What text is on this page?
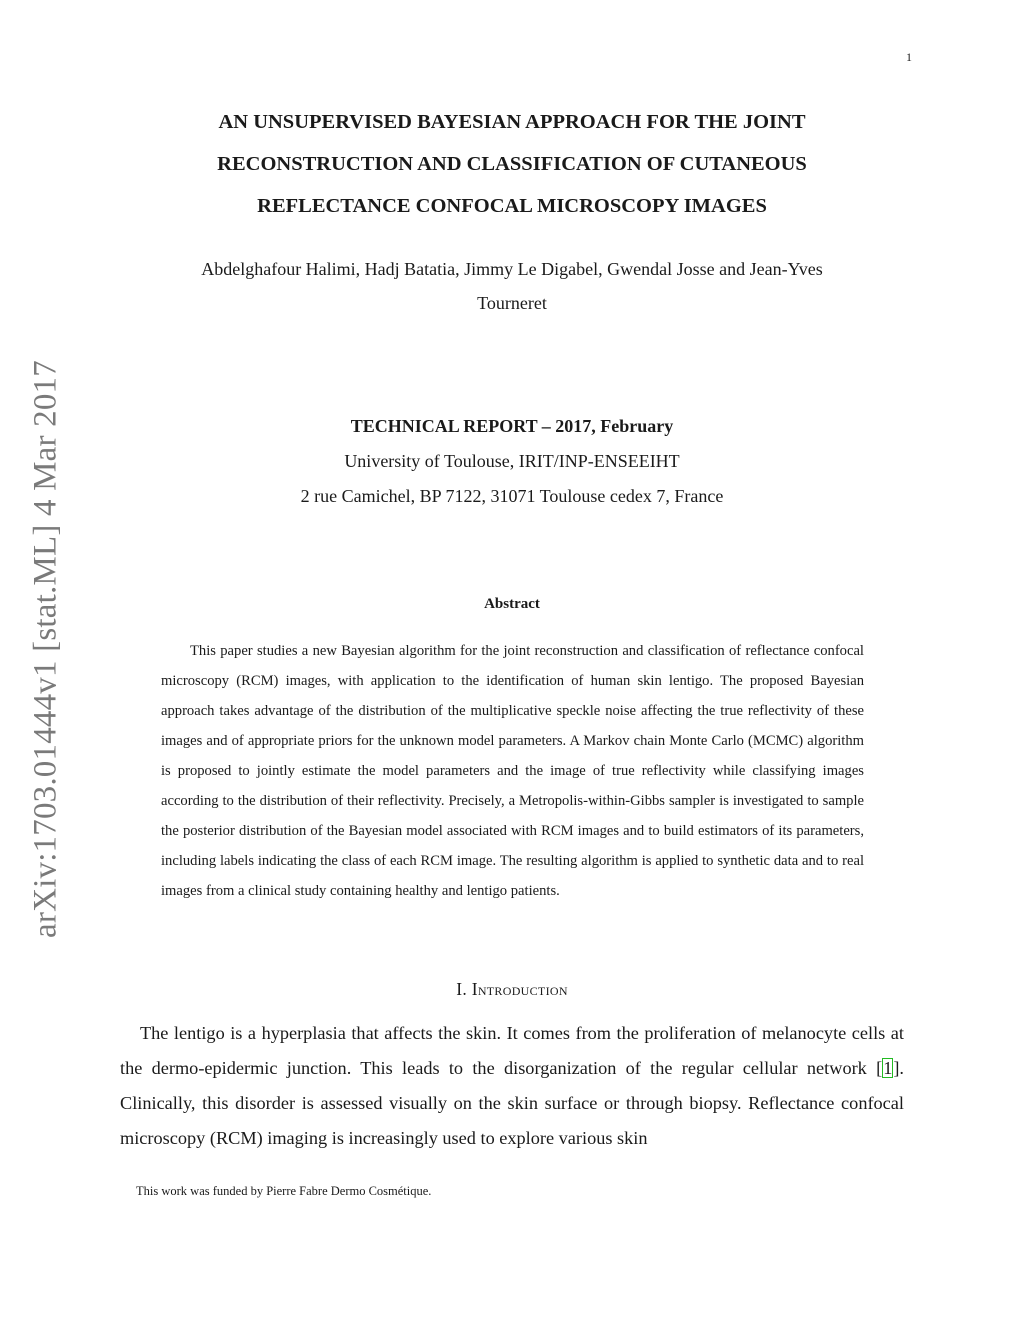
1
arXiv:1703.01444v1 [stat.ML] 4 Mar 2017
AN UNSUPERVISED BAYESIAN APPROACH FOR THE JOINT
RECONSTRUCTION AND CLASSIFICATION OF CUTANEOUS
REFLECTANCE CONFOCAL MICROSCOPY IMAGES
Abdelghafour Halimi, Hadj Batatia, Jimmy Le Digabel, Gwendal Josse and Jean-Yves
Tourneret
TECHNICAL REPORT – 2017, February
University of Toulouse, IRIT/INP-ENSEEIHT
2 rue Camichel, BP 7122, 31071 Toulouse cedex 7, France
Abstract

This paper studies a new Bayesian algorithm for the joint reconstruction and classification of reflectance confocal microscopy (RCM) images, with application to the identification of human skin lentigo. The proposed Bayesian approach takes advantage of the distribution of the multiplicative speckle noise affecting the true reflectivity of these images and of appropriate priors for the unknown model parameters. A Markov chain Monte Carlo (MCMC) algorithm is proposed to jointly estimate the model parameters and the image of true reflectivity while classifying images according to the distribution of their reflectivity. Precisely, a Metropolis-within-Gibbs sampler is investigated to sample the posterior distribution of the Bayesian model associated with RCM images and to build estimators of its parameters, including labels indicating the class of each RCM image. The resulting algorithm is applied to synthetic data and to real images from a clinical study containing healthy and lentigo patients.

I. Introduction

The lentigo is a hyperplasia that affects the skin. It comes from the proliferation of melanocyte cells at the dermo-epidermic junction. This leads to the disorganization of the regular cellular network [1]. Clinically, this disorder is assessed visually on the skin surface or through biopsy. Reflectance confocal microscopy (RCM) imaging is increasingly used to explore various skin

This work was funded by Pierre Fabre Dermo Cosmétique.
